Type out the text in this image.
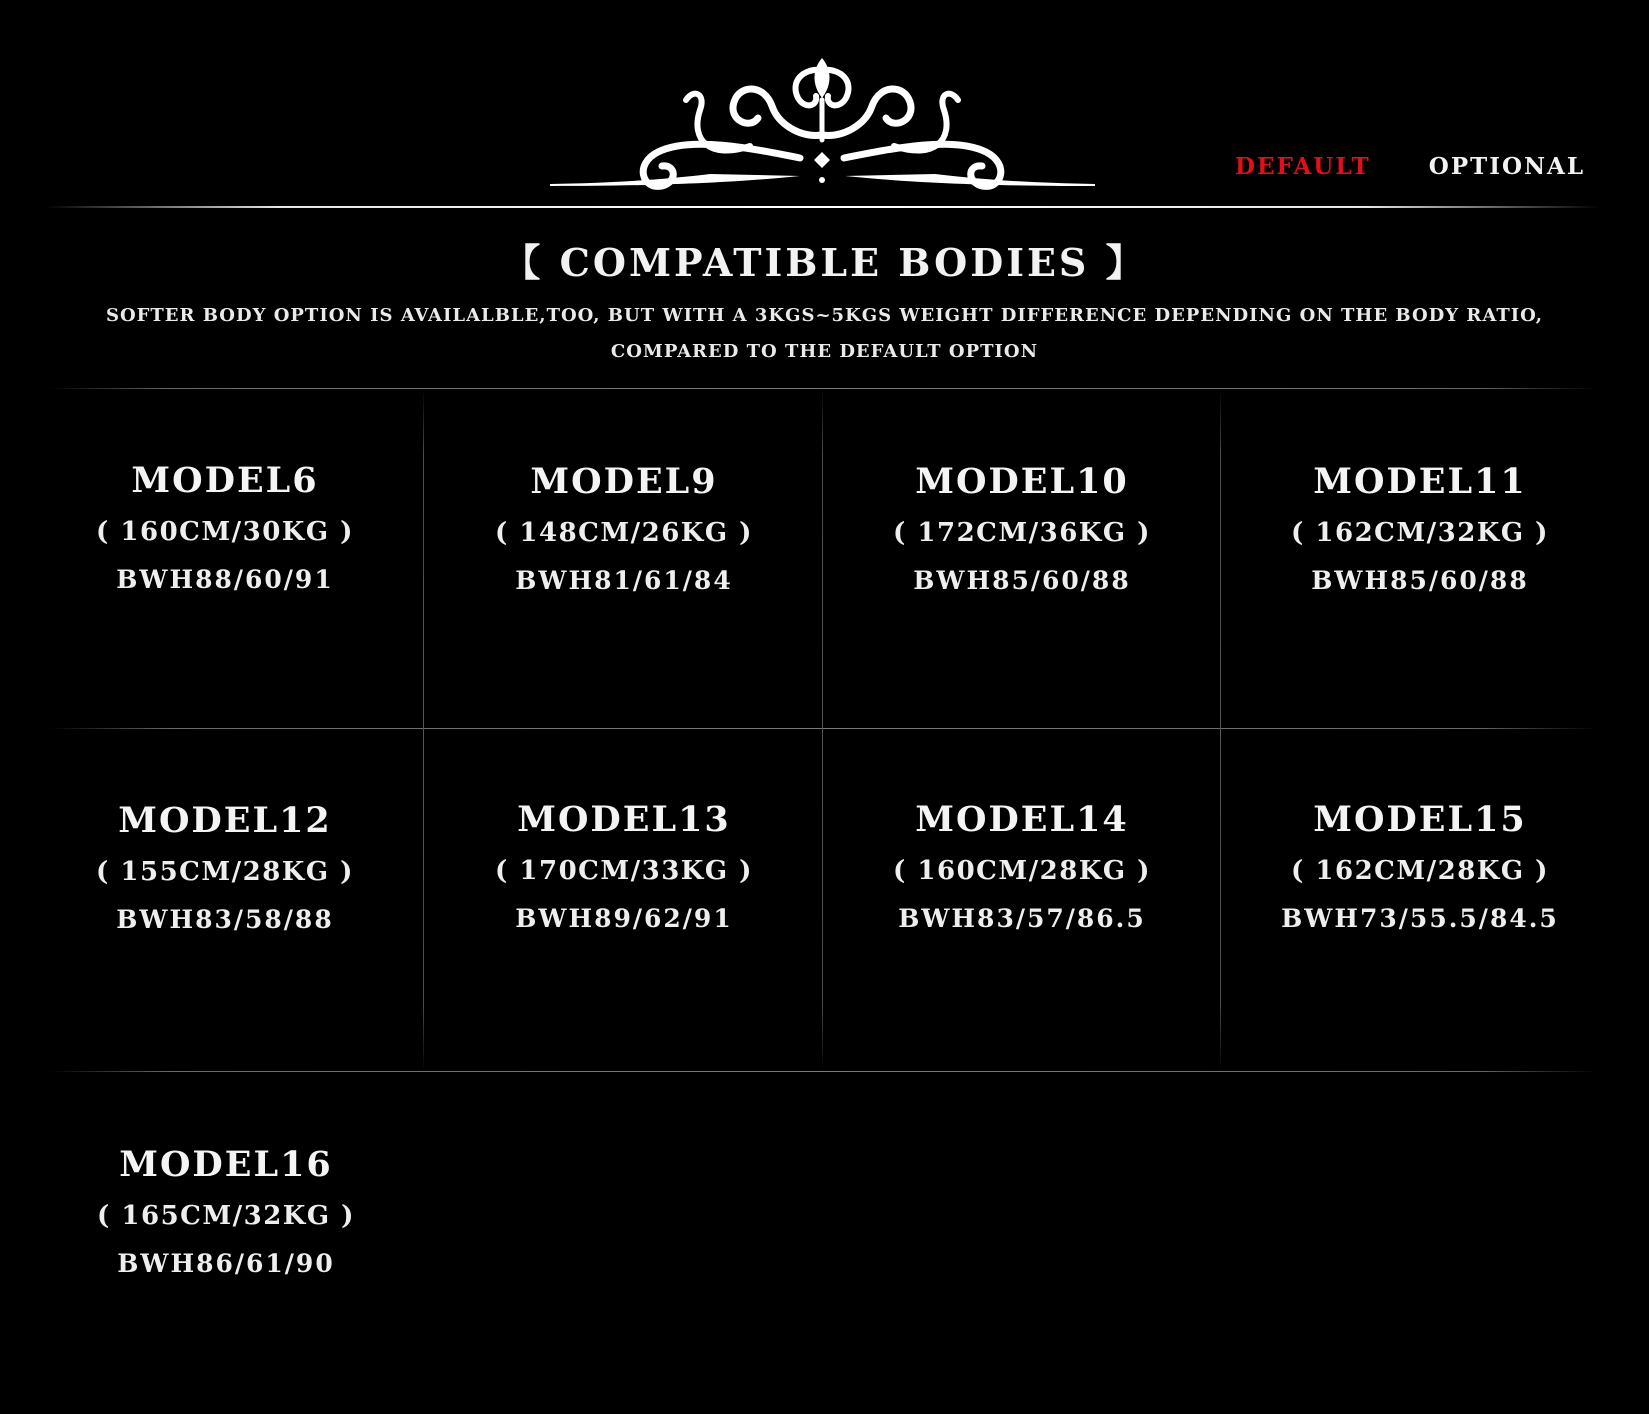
DEFAULT	OPTIONAL
【 COMPATIBLE BODIES 】
SOFTER BODY OPTION IS AVAILALBLE,TOO, BUT WITH A 3KGS~5KGS WEIGHT DIFFERENCE DEPENDING ON THE BODY RATIO,
COMPARED TO THE DEFAULT OPTION
MODEL6
( 160CM/30KG )
BWH88/60/91
MODEL9
( 148CM/26KG )
BWH81/61/84
MODEL10
( 172CM/36KG )
BWH85/60/88
MODEL11
( 162CM/32KG )
BWH85/60/88
MODEL12
( 155CM/28KG )
BWH83/58/88
MODEL13
( 170CM/33KG )
BWH89/62/91
MODEL14
( 160CM/28KG )
BWH83/57/86.5
MODEL15
( 162CM/28KG )
BWH73/55.5/84.5
MODEL16
( 165CM/32KG )
BWH86/61/90
